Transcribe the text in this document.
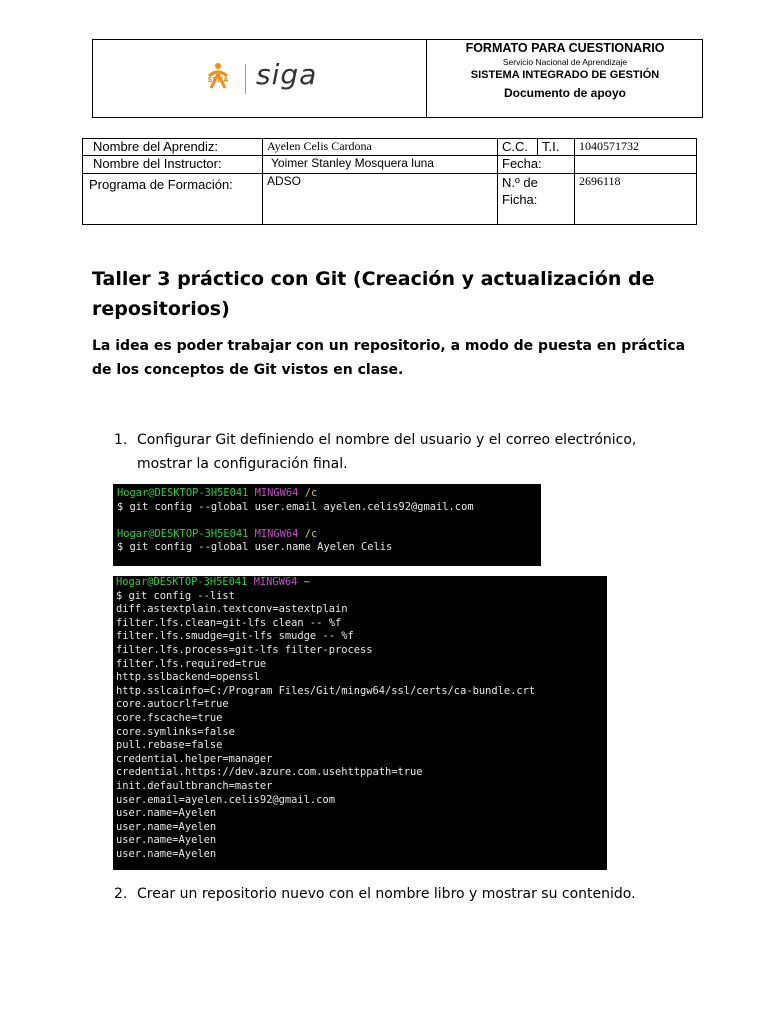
SENA siga
FORMATO PARA CUESTIONARIO
Servicio Nacional de Aprendizaje
SISTEMA INTEGRADO DE GESTIÓN
Documento de apoyo
Nombre del Aprendiz:	Ayelen Celis Cardona	C.C.	T.I.	1040571732
Nombre del Instructor:	Yoimer Stanley Mosquera luna	Fecha:		
Programa de Formación:	ADSO	N.º de Ficha:		2696118
Taller 3 práctico con Git (Creación y actualización de repositorios)
La idea es poder trabajar con un repositorio, a modo de puesta en práctica de los conceptos de Git vistos en clase.
1. Configurar Git definiendo el nombre del usuario y el correo electrónico, mostrar la configuración final.
Hogar@DESKTOP-3H5E041 MINGW64 /c
$ git config --global user.email ayelen.celis92@gmail.com

Hogar@DESKTOP-3H5E041 MINGW64 /c
$ git config --global user.name Ayelen Celis
Hogar@DESKTOP-3H5E041 MINGW64 ~
$ git config --list
diff.astextplain.textconv=astextplain
filter.lfs.clean=git-lfs clean -- %f
filter.lfs.smudge=git-lfs smudge -- %f
filter.lfs.process=git-lfs filter-process
filter.lfs.required=true
http.sslbackend=openssl
http.sslcainfo=C:/Program Files/Git/mingw64/ssl/certs/ca-bundle.crt
core.autocrlf=true
core.fscache=true
core.symlinks=false
pull.rebase=false
credential.helper=manager
credential.https://dev.azure.com.usehttppath=true
init.defaultbranch=master
user.email=ayelen.celis92@gmail.com
user.name=Ayelen
user.name=Ayelen
user.name=Ayelen
user.name=Ayelen
2. Crear un repositorio nuevo con el nombre libro y mostrar su contenido.
